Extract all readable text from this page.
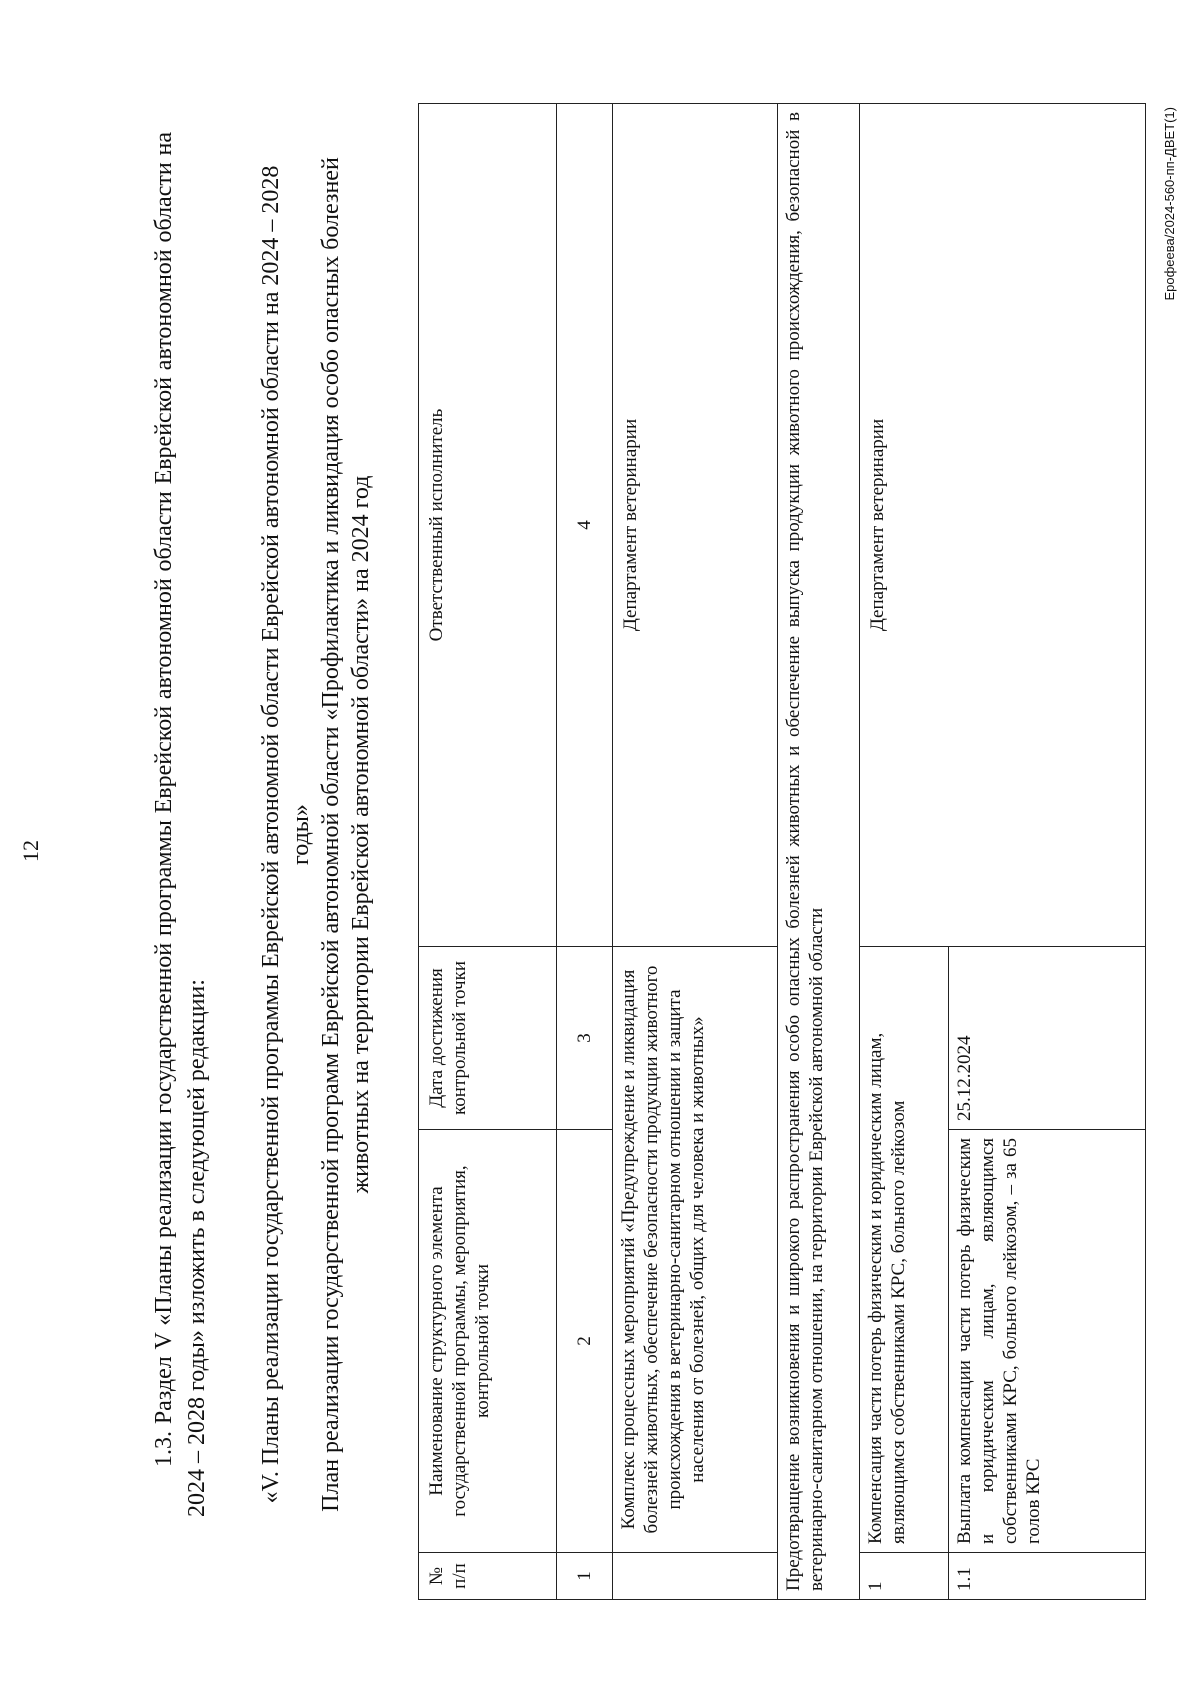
12	1.3. Раздел V «Планы реализации государственной программы Еврейской автономной области Еврейской автономной области на 2024 – 2028 годы» изложить в следующей редакции: «V. Планы реализации государственной программы Еврейской автономной области Еврейской автономной области на 2024 – 2028 годы» План реализации государственной программ Еврейской автономной области «Профилактика и ликвидация особо опасных болезней животных на территории Еврейской автономной области» на 2024 год

№ п/п	Наименование структурного элемента государственной программы, мероприятия, контрольной точки	Дата достижения контрольной точки	Ответственный исполнитель
1	2	3	4
	Комплекс процессных мероприятий «Предупреждение и ликвидация болезней животных, обеспечение безопасности продукции животного происхождения в ветеринарно-санитарном отношении и защита населения от болезней, общих для человека и животных»		Департамент ветеринарии
Предотвращение возникновения и широкого распространения особо опасных болезней животных и обеспечение выпуска продукции животного происхождения, безопасной в ветеринарно-санитарном отношении, на территории Еврейской автономной области			
1	Компенсация части потерь физическим и юридическим лицам, являющимся собственниками КРС, больного лейкозом		Департамент ветеринарии
1.1	Выплата компенсации части потерь физическим и юридическим лицам, являющимся собственниками КРС, больного лейкозом, – за 65 голов КРС	25.12.2024	
Ерофеева/2024-560-пп-ДВЕТ(1)
